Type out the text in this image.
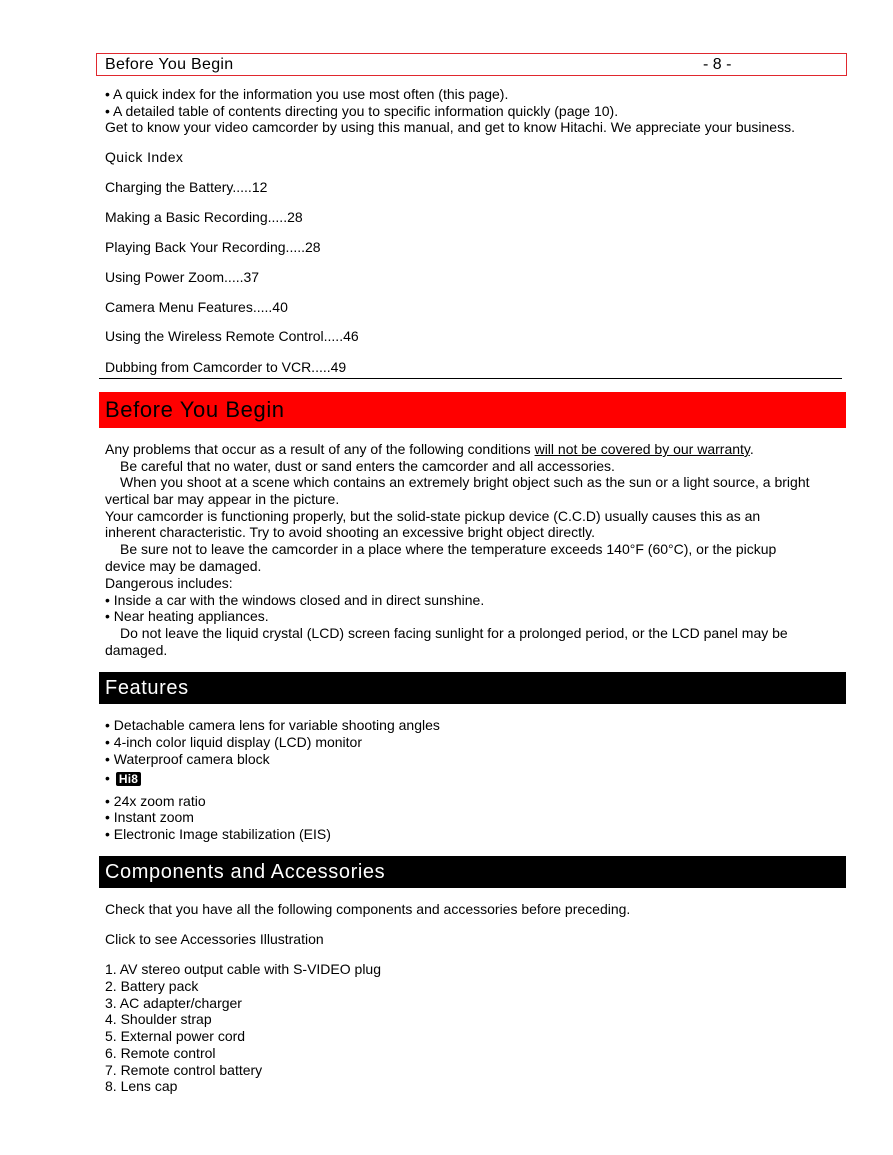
Before You Begin	- 8 -
• A quick index for the information you use most often (this page).
• A detailed table of contents directing you to specific information quickly (page 10).
Get to know your video camcorder by using this manual, and get to know Hitachi. We appreciate your business.
Quick Index
Charging the Battery.....12
Making a Basic Recording.....28
Playing Back Your Recording.....28
Using Power Zoom.....37
Camera Menu Features.....40
Using the Wireless Remote Control.....46
Dubbing from Camcorder to VCR.....49
Before You Begin
Any problems that occur as a result of any of the following conditions will not be covered by our warranty.
Be careful that no water, dust or sand enters the camcorder and all accessories.
When you shoot at a scene which contains an extremely bright object such as the sun or a light source, a bright
vertical bar may appear in the picture.
Your camcorder is functioning properly, but the solid-state pickup device (C.C.D) usually causes this as an
inherent characteristic. Try to avoid shooting an excessive bright object directly.
Be sure not to leave the camcorder in a place where the temperature exceeds 140°F (60°C), or the pickup
device may be damaged.
Dangerous includes:
• Inside a car with the windows closed and in direct sunshine.
• Near heating appliances.
Do not leave the liquid crystal (LCD) screen facing sunlight for a prolonged period, or the LCD panel may be
damaged.
Features
• Detachable camera lens for variable shooting angles
• 4-inch color liquid display (LCD) monitor
• Waterproof camera block
• Hi8
• 24x zoom ratio
• Instant zoom
• Electronic Image stabilization (EIS)
Components and Accessories
Check that you have all the following components and accessories before preceding.
Click to see Accessories Illustration
1. AV stereo output cable with S-VIDEO plug
2. Battery pack
3. AC adapter/charger
4. Shoulder strap
5. External power cord
6. Remote control
7. Remote control battery
8. Lens cap
